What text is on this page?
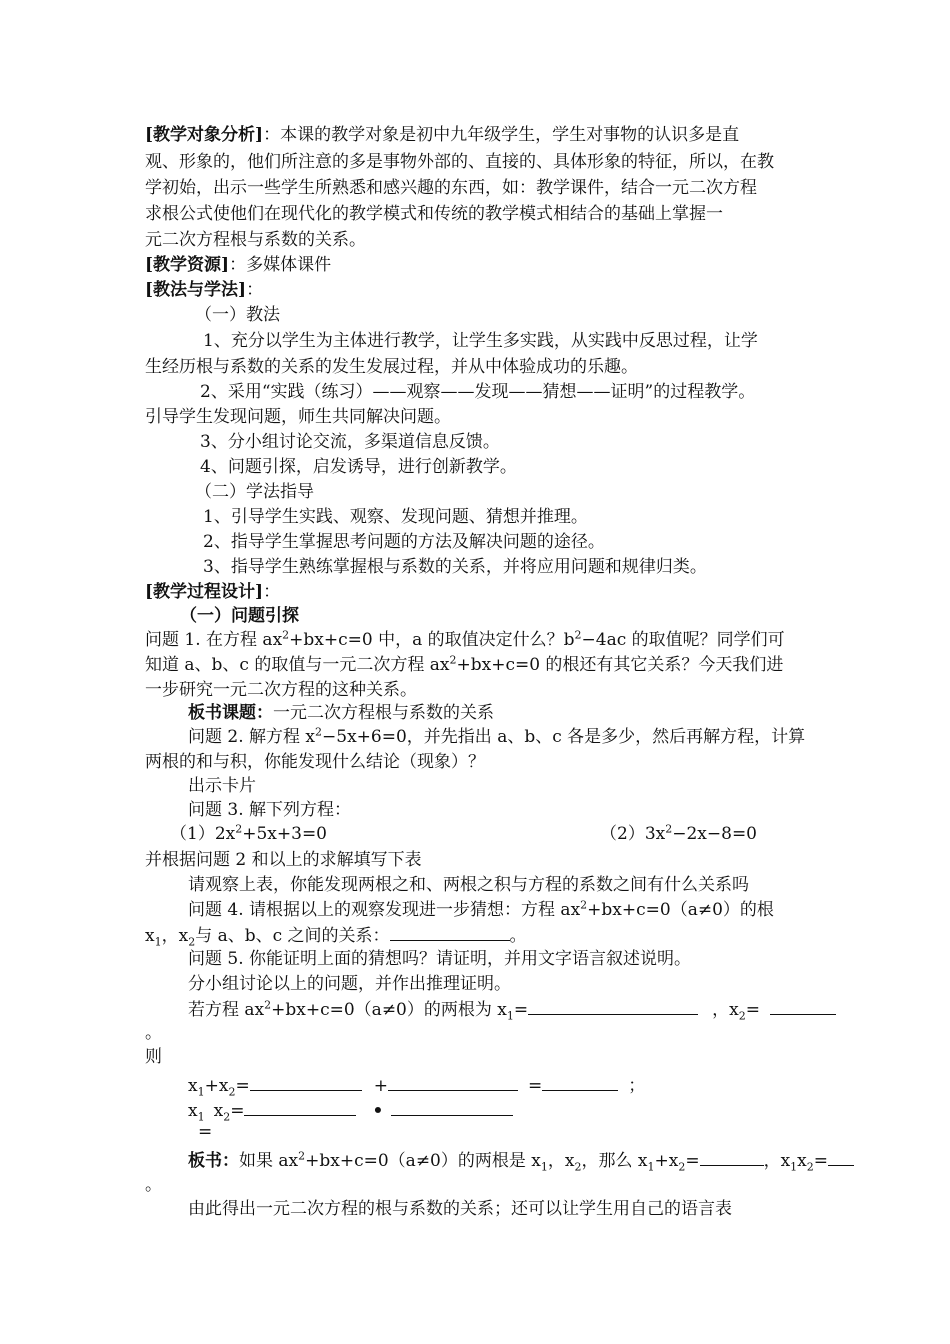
[教学对象分析]：本课的教学对象是初中九年级学生，学生对事物的认识多是直
观、形象的，他们所注意的多是事物外部的、直接的、具体形象的特征，所以，在教
学初始，出示一些学生所熟悉和感兴趣的东西，如：教学课件，结合一元二次方程
求根公式使他们在现代化的教学模式和传统的教学模式相结合的基础上掌握一
元二次方程根与系数的关系。
[教学资源]：多媒体课件
[教法与学法]：
（一）教法
1、充分以学生为主体进行教学，让学生多实践，从实践中反思过程，让学
生经历根与系数的关系的发生发展过程，并从中体验成功的乐趣。
2、采用“实践（练习）——观察——发现——猜想——证明”的过程教学。
引导学生发现问题，师生共同解决问题。
3、分小组讨论交流，多渠道信息反馈。
4、问题引探，启发诱导，进行创新教学。
（二）学法指导
1、引导学生实践、观察、发现问题、猜想并推理。
2、指导学生掌握思考问题的方法及解决问题的途径。
3、指导学生熟练掌握根与系数的关系，并将应用问题和规律归类。
[教学过程设计]：
（一）问题引探
问题 1. 在方程 $ax^2+bx+c=0$ 中，a 的取值决定什么？$b^2-4ac$ 的取值呢？同学们可
知道 a、b、c 的取值与一元二次方程 $ax^2+bx+c=0$ 的根还有其它关系？今天我们进
一步研究一元二次方程的这种关系。
板书课题：一元二次方程根与系数的关系
问题 2. 解方程 $x^2-5x+6=0$，并先指出 a、b、c 各是多少，然后再解方程，计算
两根的和与积，你能发现什么结论（现象）？
出示卡片
问题 3. 解下列方程：
$(1)2x^2+5x+3=0$	$(2)3x^2-2x-8=0$
并根据问题 2 和以上的求解填写下表
请观察上表，你能发现两根之和、两根之积与方程的系数之间有什么关系吗
问题 4. 请根据以上的观察发现进一步猜想：方程 $ax^2+bx+c=0(a\ne 0)$的根
$x_1$，$x_2$与 a、b、c 之间的关系：	。
问题 5. 你能证明上面的猜想吗？请证明，并用文字语言叙述说明。
分小组讨论以上的问题，并作出推理证明。
若方程 $ax^2+bx+c=0(a\ne 0)$的两根为 $x_1=$	，$x_2=$
。
则
$x_1+x_2=$	+	=	；
$x_1$ $x_2=$	•
=
板书：如果 $ax^2+bx+c=0(a\ne 0)$的两根是 $x_1$，$x_2$，那么 $x_1+x_2=$	，$x_1x_2=$
。
由此得出一元二次方程的根与系数的关系；还可以让学生用自己的语言表
